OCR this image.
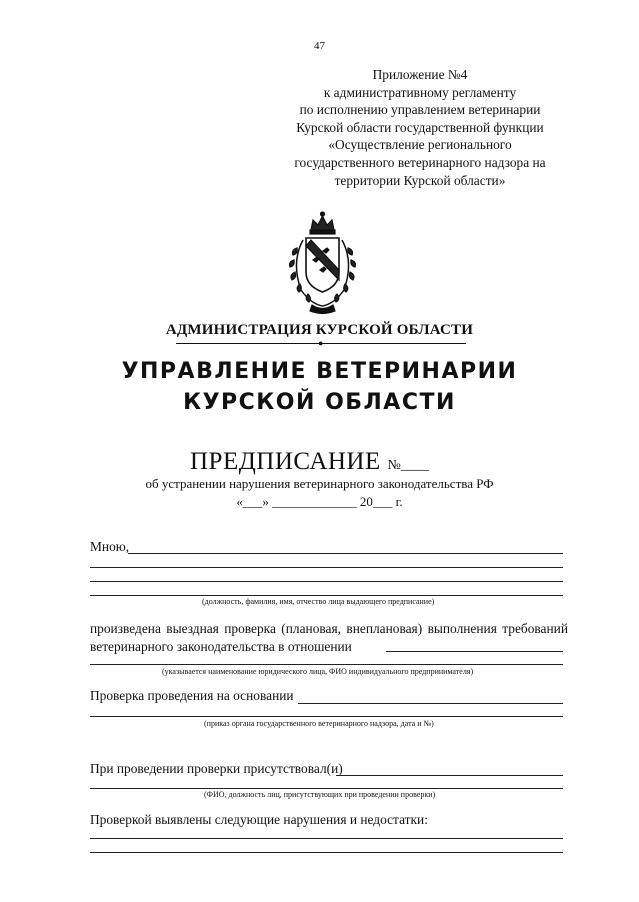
47
Приложение №4
к административному регламенту
по исполнению управлением ветеринарии
Курской области государственной функции
«Осуществление регионального
государственного ветеринарного надзора на
территории Курской области»
АДМИНИСТРАЦИЯ КУРСКОЙ ОБЛАСТИ
●
УПРАВЛЕНИЕ ВЕТЕРИНАРИИ
КУРСКОЙ ОБЛАСТИ
ПРЕДПИСАНИЕ №____
об устранении нарушения ветеринарного законодательства РФ
«___» _____________ 20___ г.
Мною,
(должность, фамилия, имя, отчество лица выдающего предписание)
произведена выездная проверка (плановая, внеплановая) выполнения требований ветеринарного законодательства в отношении
(указывается наименование юридического лица, ФИО индивидуального предпринимателя)
Проверка проведения на основании
(приказ органа государственного ветеринарного надзора, дата и №)
При проведении проверки присутствовал(и)
(ФИО, должность лиц, присутствующих при проведении проверки)
Проверкой выявлены следующие нарушения и недостатки:
